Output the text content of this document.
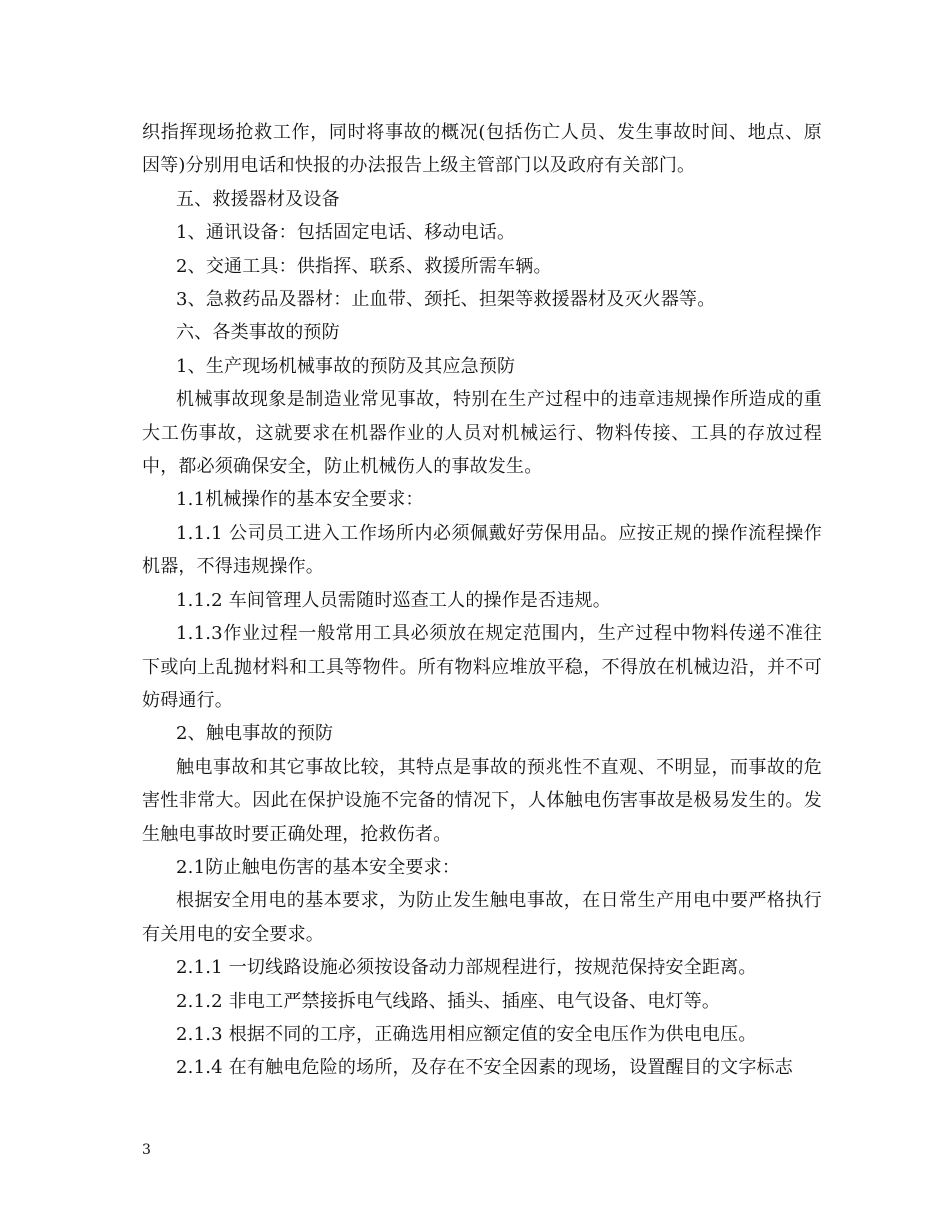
织指挥现场抢救工作，同时将事故的概况(包括伤亡人员、发生事故时间、地点、原因等)分别用电话和快报的办法报告上级主管部门以及政府有关部门。

五、救援器材及设备

1、通讯设备：包括固定电话、移动电话。

2、交通工具：供指挥、联系、救援所需车辆。

3、急救药品及器材：止血带、颈托、担架等救援器材及灭火器等。

六、各类事故的预防

1、生产现场机械事故的预防及其应急预防

机械事故现象是制造业常见事故，特别在生产过程中的违章违规操作所造成的重大工伤事故，这就要求在机器作业的人员对机械运行、物料传接、工具的存放过程中，都必须确保安全，防止机械伤人的事故发生。

1.1机械操作的基本安全要求：

1.1.1 公司员工进入工作场所内必须佩戴好劳保用品。应按正规的操作流程操作机器，不得违规操作。

1.1.2 车间管理人员需随时巡查工人的操作是否违规。

1.1.3作业过程一般常用工具必须放在规定范围内，生产过程中物料传递不准往下或向上乱抛材料和工具等物件。所有物料应堆放平稳，不得放在机械边沿，并不可妨碍通行。

2、触电事故的预防

触电事故和其它事故比较，其特点是事故的预兆性不直观、不明显，而事故的危害性非常大。因此在保护设施不完备的情况下，人体触电伤害事故是极易发生的。发生触电事故时要正确处理，抢救伤者。

2.1防止触电伤害的基本安全要求：

根据安全用电的基本要求，为防止发生触电事故，在日常生产用电中要严格执行有关用电的安全要求。

2.1.1 一切线路设施必须按设备动力部规程进行，按规范保持安全距离。

2.1.2 非电工严禁接拆电气线路、插头、插座、电气设备、电灯等。

2.1.3 根据不同的工序，正确选用相应额定值的安全电压作为供电电压。

2.1.4 在有触电危险的场所，及存在不安全因素的现场，设置醒目的文字标志

3
